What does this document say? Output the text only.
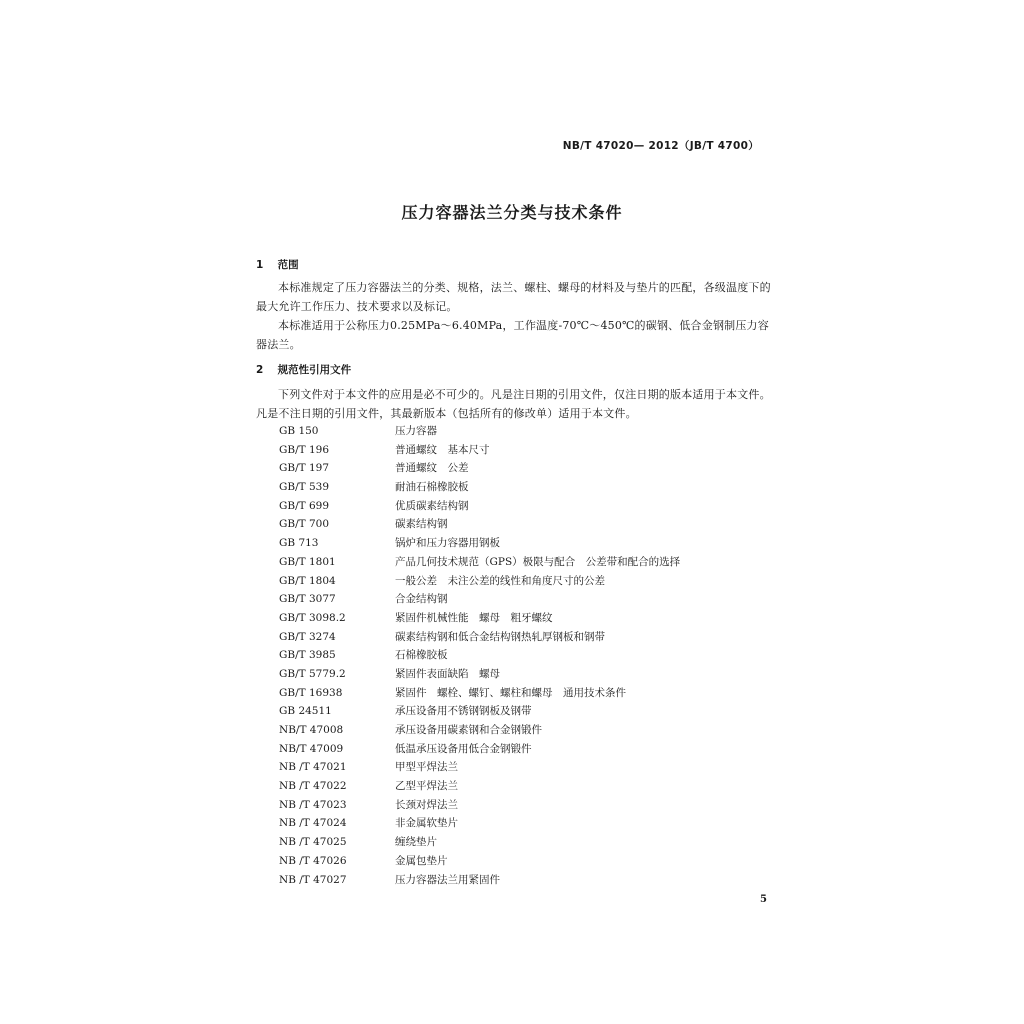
NB/T 47020— 2012（JB/T 4700）
压力容器法兰分类与技术条件
1 范围

本标准规定了压力容器法兰的分类、规格，法兰、螺柱、螺母的材料及与垫片的匹配，各级温度下的最大允许工作压力、技术要求以及标记。

本标准适用于公称压力0.25MPa～6.40MPa，工作温度-70℃～450℃的碳钢、低合金钢制压力容器法兰。

2 规范性引用文件

下列文件对于本文件的应用是必不可少的。凡是注日期的引用文件，仅注日期的版本适用于本文件。

凡是不注日期的引用文件，其最新版本（包括所有的修改单）适用于本文件。

GB 150	压力容器
GB/T 196	普通螺纹　基本尺寸
GB/T 197	普通螺纹　公差
GB/T 539	耐油石棉橡胶板
GB/T 699	优质碳素结构钢
GB/T 700	碳素结构钢
GB 713	锅炉和压力容器用钢板
GB/T 1801	产品几何技术规范（GPS）极限与配合　公差带和配合的选择
GB/T 1804	一般公差　未注公差的线性和角度尺寸的公差
GB/T 3077	合金结构钢
GB/T 3098.2	紧固件机械性能　螺母　粗牙螺纹
GB/T 3274	碳素结构钢和低合金结构钢热轧厚钢板和钢带
GB/T 3985	石棉橡胶板
GB/T 5779.2	紧固件表面缺陷　螺母
GB/T 16938	紧固件　螺栓、螺钉、螺柱和螺母　通用技术条件
GB 24511	承压设备用不锈钢钢板及钢带
NB/T 47008	承压设备用碳素钢和合金钢锻件
NB/T 47009	低温承压设备用低合金钢锻件
NB /T 47021	甲型平焊法兰
NB /T 47022	乙型平焊法兰
NB /T 47023	长颈对焊法兰
NB /T 47024	非金属软垫片
NB /T 47025	缠绕垫片
NB /T 47026	金属包垫片
NB /T 47027	压力容器法兰用紧固件
5
